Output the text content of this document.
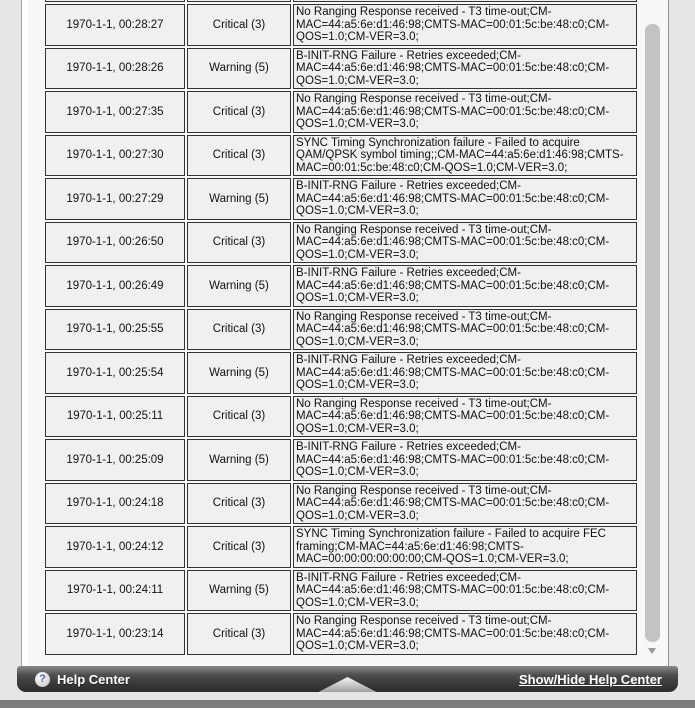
1970-1-1, 00:28:27	Critical (3)	No Ranging Response received - T3 time-out;CM-MAC=44:a5:6e:d1:46:98;CMTS-MAC=00:01:5c:be:48:c0;CM-QOS=1.0;CM-VER=3.0;
1970-1-1, 00:28:26	Warning (5)	B-INIT-RNG Failure - Retries exceeded;CM-MAC=44:a5:6e:d1:46:98;CMTS-MAC=00:01:5c:be:48:c0;CM-QOS=1.0;CM-VER=3.0;
1970-1-1, 00:27:35	Critical (3)	No Ranging Response received - T3 time-out;CM-MAC=44:a5:6e:d1:46:98;CMTS-MAC=00:01:5c:be:48:c0;CM-QOS=1.0;CM-VER=3.0;
1970-1-1, 00:27:30	Critical (3)	SYNC Timing Synchronization failure - Failed to acquire QAM/QPSK symbol timing;;CM-MAC=44:a5:6e:d1:46:98;CMTS-MAC=00:01:5c:be:48:c0;CM-QOS=1.0;CM-VER=3.0;
1970-1-1, 00:27:29	Warning (5)	B-INIT-RNG Failure - Retries exceeded;CM-MAC=44:a5:6e:d1:46:98;CMTS-MAC=00:01:5c:be:48:c0;CM-QOS=1.0;CM-VER=3.0;
1970-1-1, 00:26:50	Critical (3)	No Ranging Response received - T3 time-out;CM-MAC=44:a5:6e:d1:46:98;CMTS-MAC=00:01:5c:be:48:c0;CM-QOS=1.0;CM-VER=3.0;
1970-1-1, 00:26:49	Warning (5)	B-INIT-RNG Failure - Retries exceeded;CM-MAC=44:a5:6e:d1:46:98;CMTS-MAC=00:01:5c:be:48:c0;CM-QOS=1.0;CM-VER=3.0;
1970-1-1, 00:25:55	Critical (3)	No Ranging Response received - T3 time-out;CM-MAC=44:a5:6e:d1:46:98;CMTS-MAC=00:01:5c:be:48:c0;CM-QOS=1.0;CM-VER=3.0;
1970-1-1, 00:25:54	Warning (5)	B-INIT-RNG Failure - Retries exceeded;CM-MAC=44:a5:6e:d1:46:98;CMTS-MAC=00:01:5c:be:48:c0;CM-QOS=1.0;CM-VER=3.0;
1970-1-1, 00:25:11	Critical (3)	No Ranging Response received - T3 time-out;CM-MAC=44:a5:6e:d1:46:98;CMTS-MAC=00:01:5c:be:48:c0;CM-QOS=1.0;CM-VER=3.0;
1970-1-1, 00:25:09	Warning (5)	B-INIT-RNG Failure - Retries exceeded;CM-MAC=44:a5:6e:d1:46:98;CMTS-MAC=00:01:5c:be:48:c0;CM-QOS=1.0;CM-VER=3.0;
1970-1-1, 00:24:18	Critical (3)	No Ranging Response received - T3 time-out;CM-MAC=44:a5:6e:d1:46:98;CMTS-MAC=00:01:5c:be:48:c0;CM-QOS=1.0;CM-VER=3.0;
1970-1-1, 00:24:12	Critical (3)	SYNC Timing Synchronization failure - Failed to acquire FEC framing;CM-MAC=44:a5:6e:d1:46:98;CMTS-MAC=00:00:00:00:00:00;CM-QOS=1.0;CM-VER=3.0;
1970-1-1, 00:24:11	Warning (5)	B-INIT-RNG Failure - Retries exceeded;CM-MAC=44:a5:6e:d1:46:98;CMTS-MAC=00:01:5c:be:48:c0;CM-QOS=1.0;CM-VER=3.0;
1970-1-1, 00:23:14	Critical (3)	No Ranging Response received - T3 time-out;CM-MAC=44:a5:6e:d1:46:98;CMTS-MAC=00:01:5c:be:48:c0;CM-QOS=1.0;CM-VER=3.0;
? Help Center	Show/Hide Help Center
